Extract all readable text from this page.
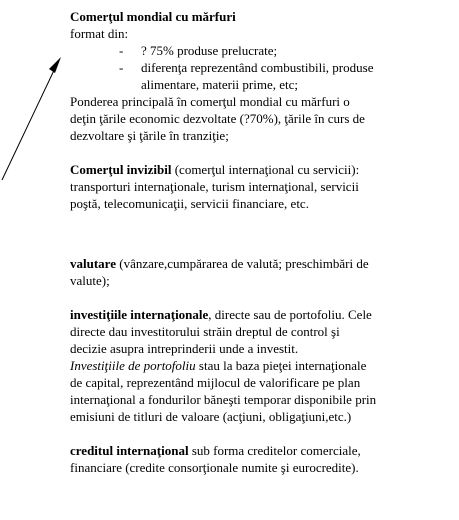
Comerţul mondial cu mărfuri
format din:
- ? 75% produse prelucrate;
- diferenţa reprezentând combustibili, produse
alimentare, materii prime, etc;
Ponderea principală în comerţul mondial cu mărfuri o
deţin ţările economic dezvoltate (?70%), ţările în curs de
dezvoltare şi ţările în tranziţie;
Comerţul invizibil (comerţul internaţional cu servicii):
transporturi internaţionale, turism internaţional, servicii
poştă, telecomunicaţii, servicii financiare, etc.
valutare (vânzare,cumpărarea de valută; preschimbări de
valute);
investiţiile internaţionale, directe sau de portofoliu. Cele
directe dau investitorului străin dreptul de control şi
decizie asupra intreprinderii unde a investit.
Investiţiile de portofoliu stau la baza pieţei internaţionale
de capital, reprezentând mijlocul de valorificare pe plan
internaţional a fondurilor băneşti temporar disponibile prin
emisiuni de titluri de valoare (acţiuni, obligaţiuni,etc.)
creditul internaţional sub forma creditelor comerciale,
financiare (credite consorţionale numite şi eurocredite).
